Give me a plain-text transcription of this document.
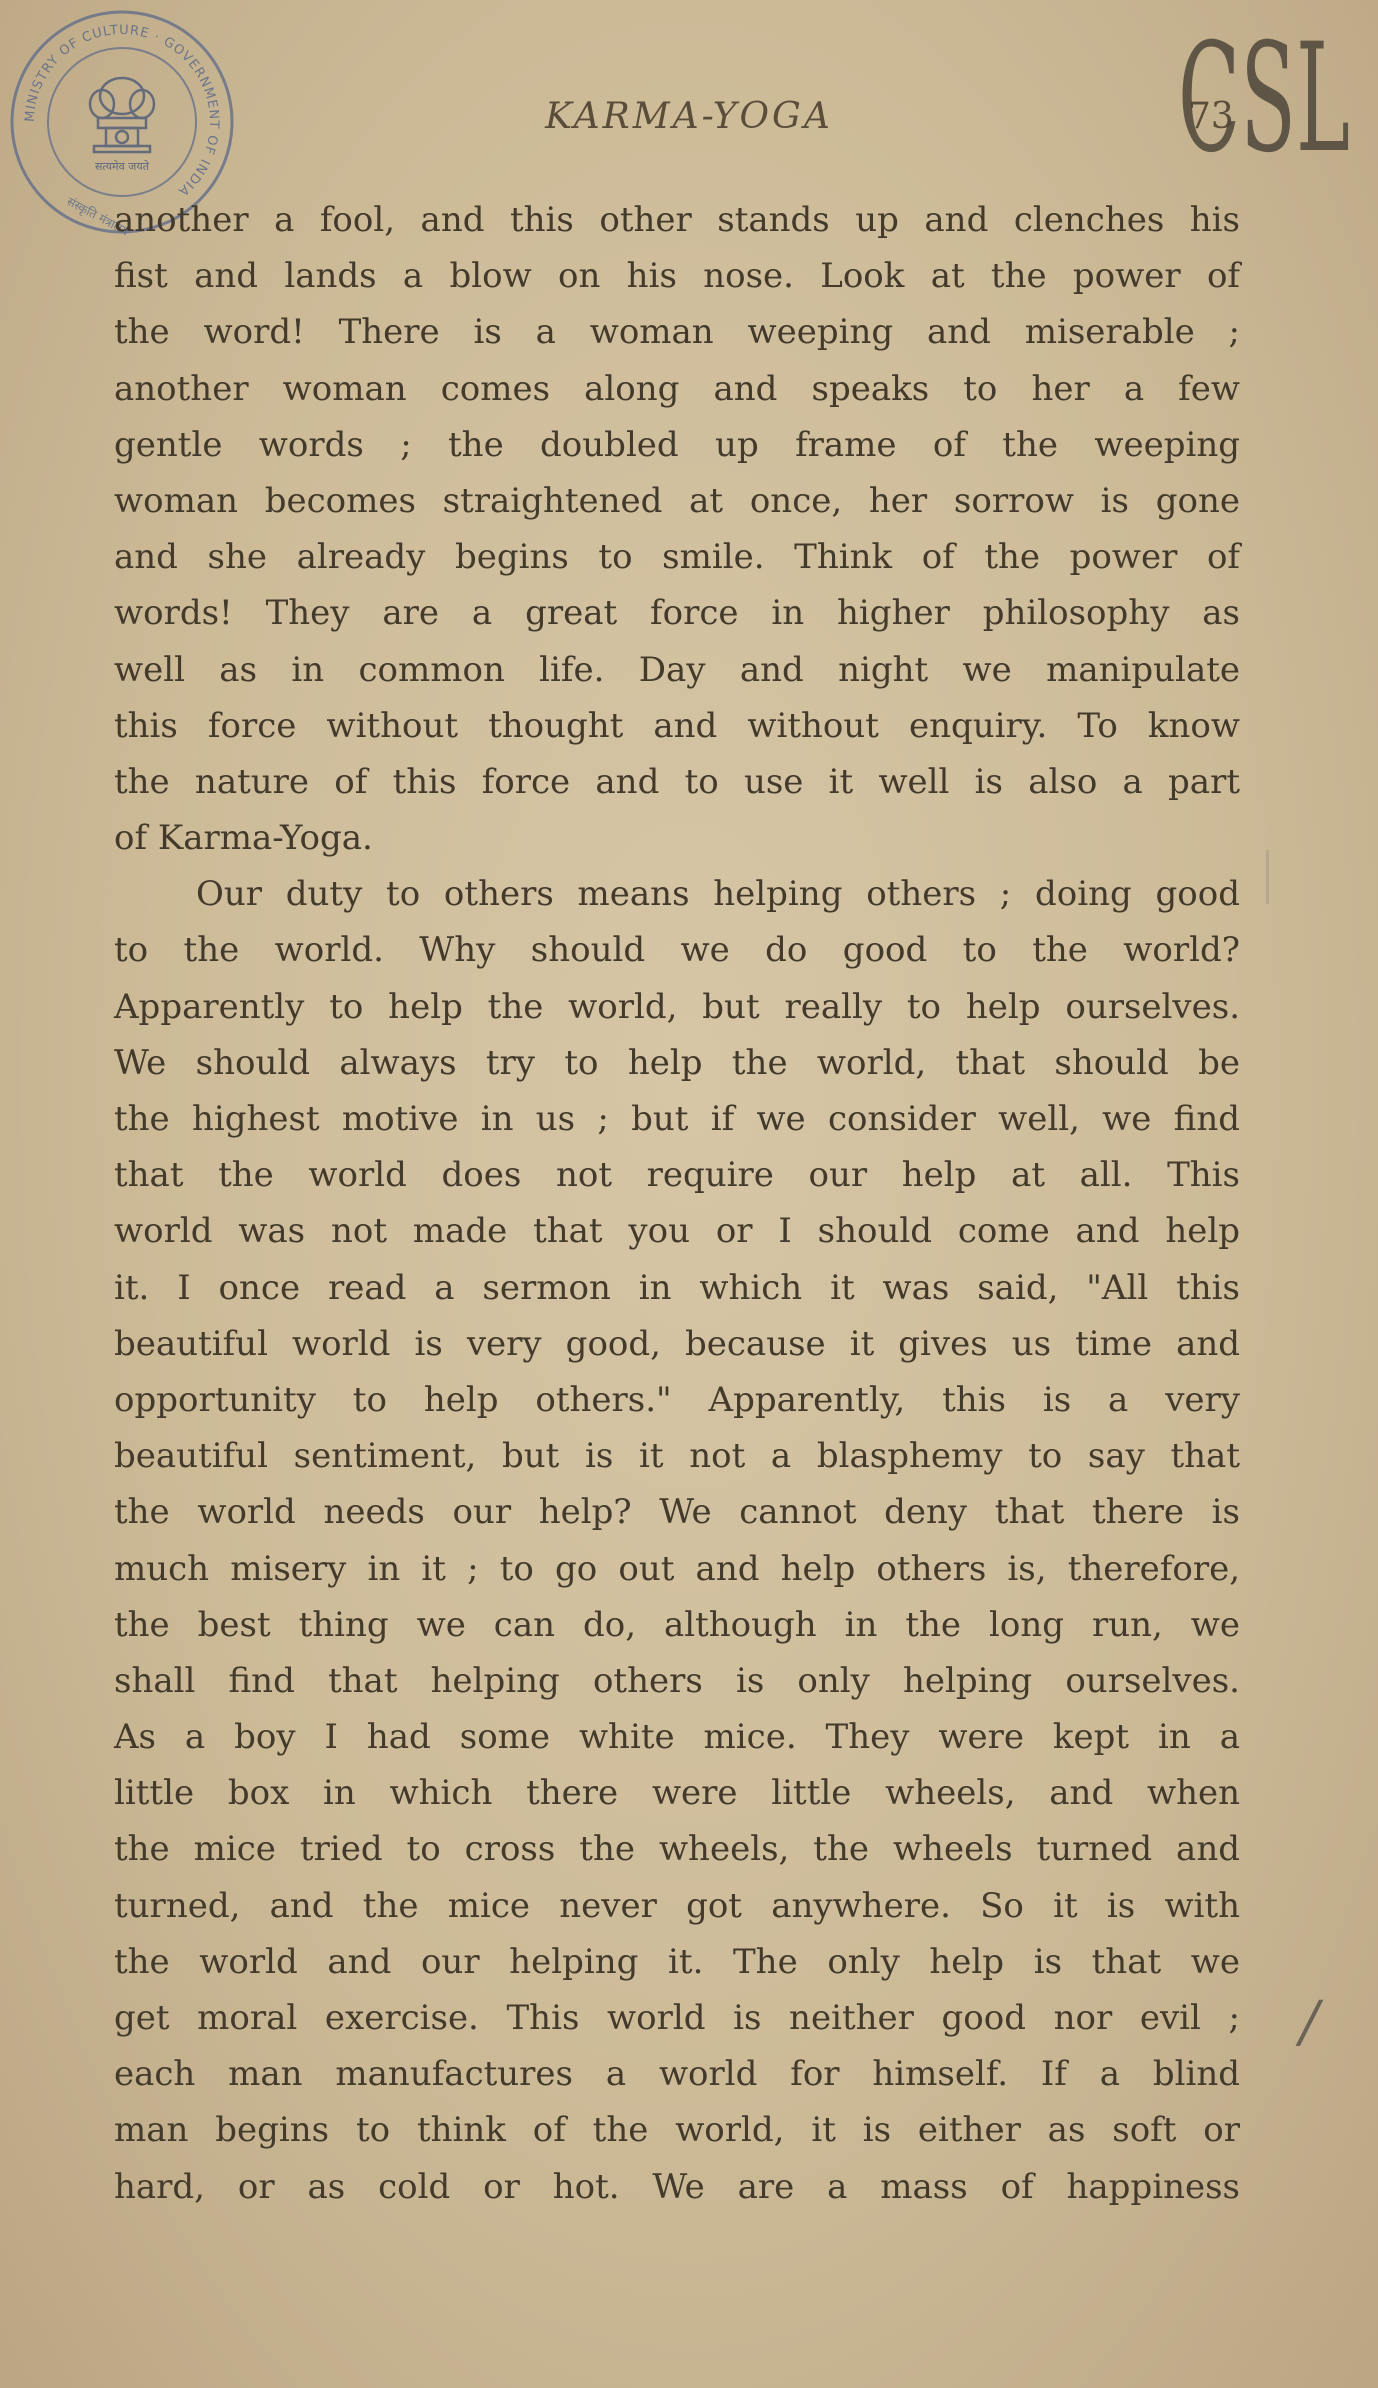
MINISTRY OF CULTURE · GOVERNMENT OF INDIA
सत्यमेव जयते
संस्कृति मंत्रालय
KARMA-YOGA	73
CSL
/
another a fool, and this other stands up and clenches his
fist and lands a blow on his nose. Look at the power of
the word! There is a woman weeping and miserable ;
another woman comes along and speaks to her a few
gentle words ; the doubled up frame of the weeping
woman becomes straightened at once, her sorrow is gone
and she already begins to smile. Think of the power of
words! They are a great force in higher philosophy as
well as in common life. Day and night we manipulate
this force without thought and without enquiry. To know
the nature of this force and to use it well is also a part
of Karma-Yoga.
Our duty to others means helping others ; doing good
to the world. Why should we do good to the world?
Apparently to help the world, but really to help ourselves.
We should always try to help the world, that should be
the highest motive in us ; but if we consider well, we find
that the world does not require our help at all. This
world was not made that you or I should come and help
it. I once read a sermon in which it was said, "All this
beautiful world is very good, because it gives us time and
opportunity to help others." Apparently, this is a very
beautiful sentiment, but is it not a blasphemy to say that
the world needs our help? We cannot deny that there is
much misery in it ; to go out and help others is, therefore,
the best thing we can do, although in the long run, we
shall find that helping others is only helping ourselves.
As a boy I had some white mice. They were kept in a
little box in which there were little wheels, and when
the mice tried to cross the wheels, the wheels turned and
turned, and the mice never got anywhere. So it is with
the world and our helping it. The only help is that we
get moral exercise. This world is neither good nor evil ;
each man manufactures a world for himself. If a blind
man begins to think of the world, it is either as soft or
hard, or as cold or hot. We are a mass of happiness
